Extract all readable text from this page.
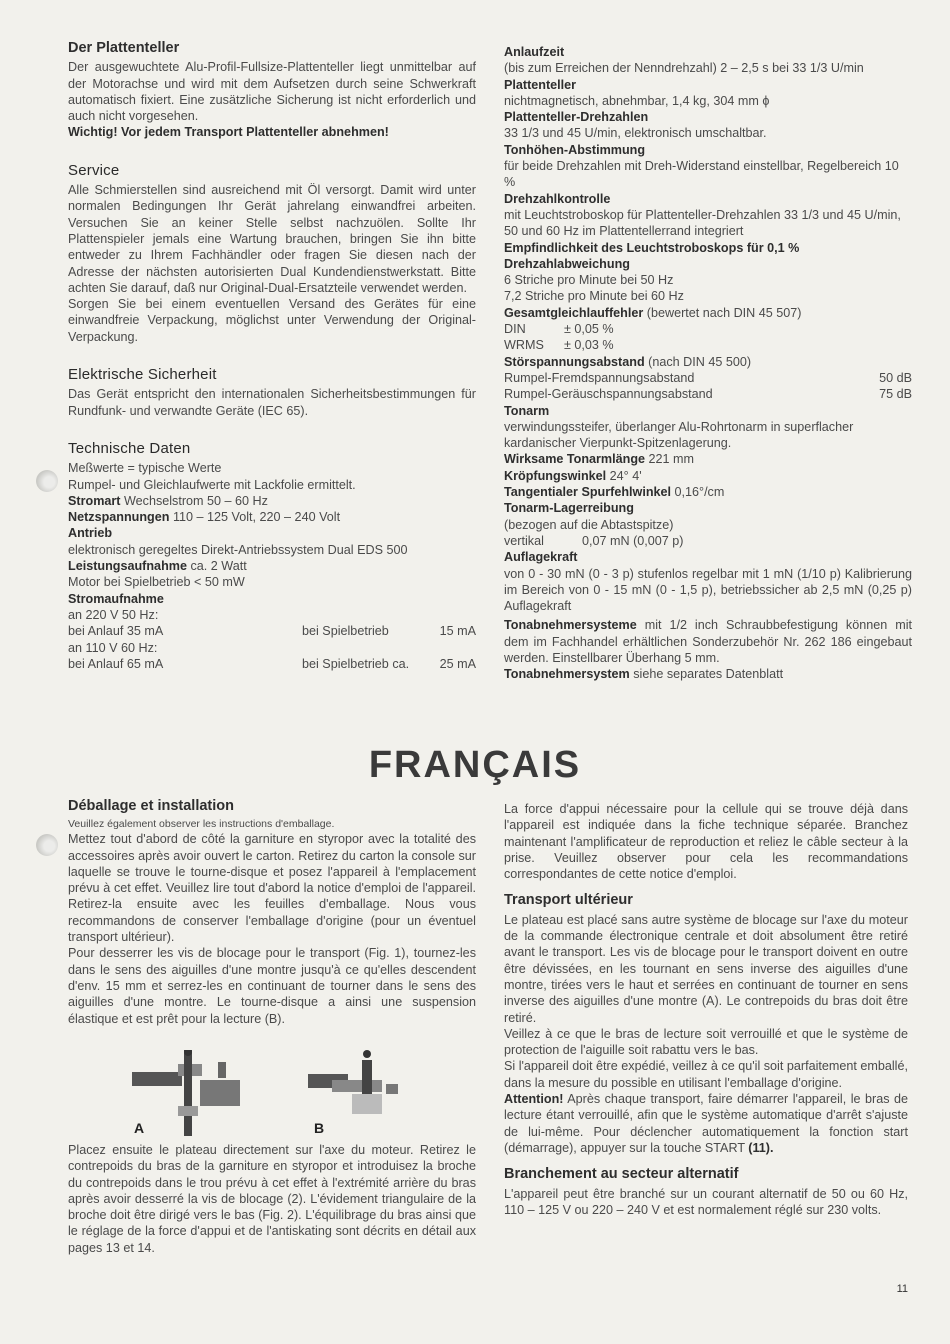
Der Plattenteller

Der ausgewuchtete Alu-Profil-Fullsize-Plattenteller liegt unmittelbar auf der Motorachse und wird mit dem Aufsetzen durch seine Schwerkraft automatisch fixiert. Eine zusätzliche Sicherung ist nicht erforderlich und auch nicht vorgesehen.

Wichtig! Vor jedem Transport Plattenteller abnehmen!

Service

Alle Schmierstellen sind ausreichend mit Öl versorgt. Damit wird unter normalen Bedingungen Ihr Gerät jahrelang einwandfrei arbeiten. Versuchen Sie an keiner Stelle selbst nachzuölen. Sollte Ihr Plattenspieler jemals eine Wartung brauchen, bringen Sie ihn bitte entweder zu Ihrem Fachhändler oder fragen Sie diesen nach der Adresse der nächsten autorisierten Dual Kundendienstwerkstatt. Bitte achten Sie darauf, daß nur Original-Dual-Ersatzteile verwendet werden.

Sorgen Sie bei einem eventuellen Versand des Gerätes für eine einwandfreie Verpackung, möglichst unter Verwendung der Original-Verpackung.

Elektrische Sicherheit

Das Gerät entspricht den internationalen Sicherheitsbestimmungen für Rundfunk- und verwandte Geräte (IEC 65).

Technische Daten

Meßwerte = typische Werte

Rumpel- und Gleichlaufwerte mit Lackfolie ermittelt.

Stromart Wechselstrom 50 – 60 Hz

Netzspannungen 110 – 125 Volt, 220 – 240 Volt

Antrieb

elektronisch geregeltes Direkt-Antriebssystem Dual EDS 500

Leistungsaufnahme ca. 2 Watt

Motor bei Spielbetrieb < 50 mW

Stromaufnahme

an 220 V 50 Hz:

bei Anlauf 35 mA	bei Spielbetrieb	15 mA

an 110 V 60 Hz:

bei Anlauf 65 mA	bei Spielbetrieb ca.	25 mA

Anlaufzeit

(bis zum Erreichen der Nenndrehzahl) 2 – 2,5 s bei 33 1/3 U/min

Plattenteller

nichtmagnetisch, abnehmbar, 1,4 kg, 304 mm ϕ

Plattenteller-Drehzahlen

33 1/3 und 45 U/min, elektronisch umschaltbar.

Tonhöhen-Abstimmung

für beide Drehzahlen mit Dreh-Widerstand einstellbar, Regelbereich 10 %

Drehzahlkontrolle

mit Leuchtstroboskop für Plattenteller-Drehzahlen 33 1/3 und 45 U/min, 50 und 60 Hz im Plattentellerrand integriert

Empfindlichkeit des Leuchtstroboskops für 0,1 % Drehzahlabweichung

6 Striche pro Minute bei 50 Hz

7,2 Striche pro Minute bei 60 Hz

Gesamtgleichlauffehler (bewertet nach DIN 45 507)

DIN	± 0,05 %
WRMS	± 0,03 %

Störspannungsabstand (nach DIN 45 500)

Rumpel-Fremdspannungsabstand	50 dB
Rumpel-Geräuschspannungsabstand	75 dB

Tonarm

verwindungssteifer, überlanger Alu-Rohrtonarm in superflacher kardanischer Vierpunkt-Spitzenlagerung.

Wirksame Tonarmlänge 221 mm

Kröpfungswinkel 24° 4'

Tangentialer Spurfehlwinkel 0,16°/cm

Tonarm-Lagerreibung

(bezogen auf die Abtastspitze)

vertikal	0,07 mN (0,007 p)

Auflagekraft

von 0 - 30 mN (0 - 3 p) stufenlos regelbar mit 1 mN (1/10 p) Kalibrierung im Bereich von 0 - 15 mN (0 - 1,5 p), betriebssicher ab 2,5 mN (0,25 p) Auflagekraft

Tonabnehmersysteme mit 1/2 inch Schraubbefestigung können mit dem im Fachhandel erhältlichen Sonderzubehör Nr. 262 186 eingebaut werden. Einstellbarer Überhang 5 mm.

Tonabnehmersystem siehe separates Datenblatt

FRANÇAIS
Déballage et installation

Veuillez également observer les instructions d'emballage.

Mettez tout d'abord de côté la garniture en styropor avec la totalité des accessoires après avoir ouvert le carton. Retirez du carton la console sur laquelle se trouve le tourne-disque et posez l'appareil à l'emplacement prévu à cet effet. Veuillez lire tout d'abord la notice d'emploi de l'appareil. Retirez-la ensuite avec les feuilles d'emballage. Nous vous recommandons de conserver l'emballage d'origine (pour un éventuel transport ultérieur).

Pour desserrer les vis de blocage pour le transport (Fig. 1), tournez-les dans le sens des aiguilles d'une montre jusqu'à ce qu'elles descendent d'env. 15 mm et serrez-les en continuant de tourner dans le sens des aiguilles d'une montre. Le tourne-disque a ainsi une suspension élastique et est prêt pour la lecture (B).

A	B

Placez ensuite le plateau directement sur l'axe du moteur. Retirez le contrepoids du bras de la garniture en styropor et introduisez la broche du contrepoids dans le trou prévu à cet effet à l'extrémité arrière du bras après avoir desserré la vis de blocage (2). L'évidement triangulaire de la broche doit être dirigé vers le bas (Fig. 2). L'équilibrage du bras ainsi que le réglage de la force d'appui et de l'antiskating sont décrits en détail aux pages 13 et 14.

La force d'appui nécessaire pour la cellule qui se trouve déjà dans l'appareil est indiquée dans la fiche technique séparée. Branchez maintenant l'amplificateur de reproduction et reliez le câble secteur à la prise. Veuillez observer pour cela les recommandations correspondantes de cette notice d'emploi.

Transport ultérieur

Le plateau est placé sans autre système de blocage sur l'axe du moteur de la commande électronique centrale et doit absolument être retiré avant le transport. Les vis de blocage pour le transport doivent en outre être dévissées, en les tournant en sens inverse des aiguilles d'une montre, tirées vers le haut et serrées en continuant de tourner en sens inverse des aiguilles d'une montre (A). Le contrepoids du bras doit être retiré.

Veillez à ce que le bras de lecture soit verrouillé et que le système de protection de l'aiguille soit rabattu vers le bas.

Si l'appareil doit être expédié, veillez à ce qu'il soit parfaitement emballé, dans la mesure du possible en utilisant l'emballage d'origine.

Attention! Après chaque transport, faire démarrer l'appareil, le bras de lecture étant verrouillé, afin que le système automatique d'arrêt s'ajuste de lui-même. Pour déclencher automatiquement la fonction start (démarrage), appuyer sur la touche START (11).

Branchement au secteur alternatif

L'appareil peut être branché sur un courant alternatif de 50 ou 60 Hz, 110 – 125 V ou 220 – 240 V et est normalement réglé sur 230 volts.

11
